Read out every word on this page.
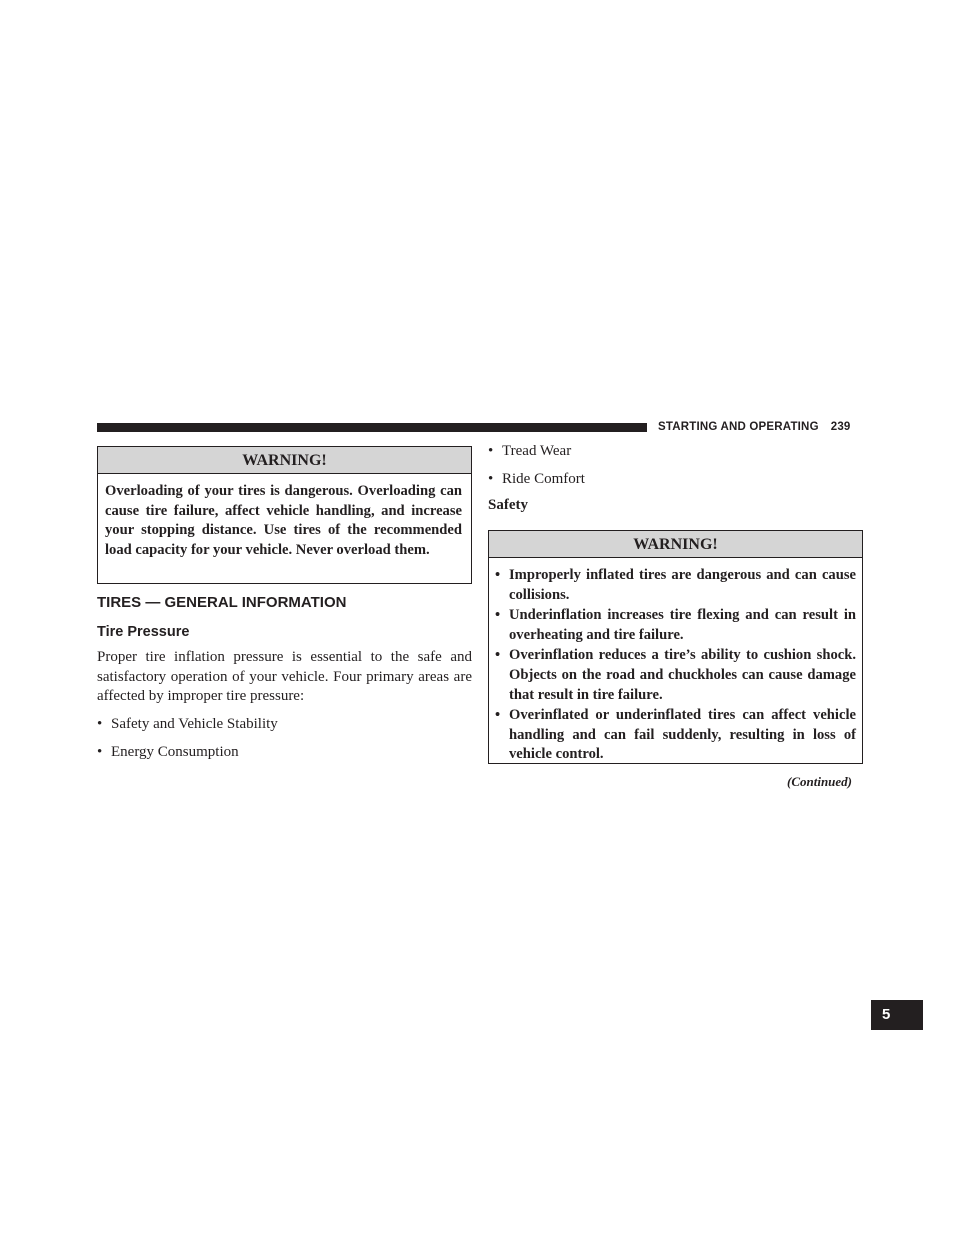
STARTING AND OPERATING 239
5
WARNING!
Overloading of your tires is dangerous. Overloading can cause tire failure, affect vehicle handling, and increase your stopping distance. Use tires of the recommended load capacity for your vehicle. Never overload them.
TIRES — GENERAL INFORMATION
Tire Pressure
Proper tire inflation pressure is essential to the safe and satisfactory operation of your vehicle. Four primary areas are affected by improper tire pressure:
• Safety and Vehicle Stability
• Energy Consumption
• Tread Wear
• Ride Comfort
Safety
WARNING!
• Improperly inflated tires are dangerous and can cause collisions.
• Underinflation increases tire flexing and can result in overheating and tire failure.
• Overinflation reduces a tire’s ability to cushion shock. Objects on the road and chuckholes can cause damage that result in tire failure.
• Overinflated or underinflated tires can affect vehicle handling and can fail suddenly, resulting in loss of vehicle control.
(Continued)
